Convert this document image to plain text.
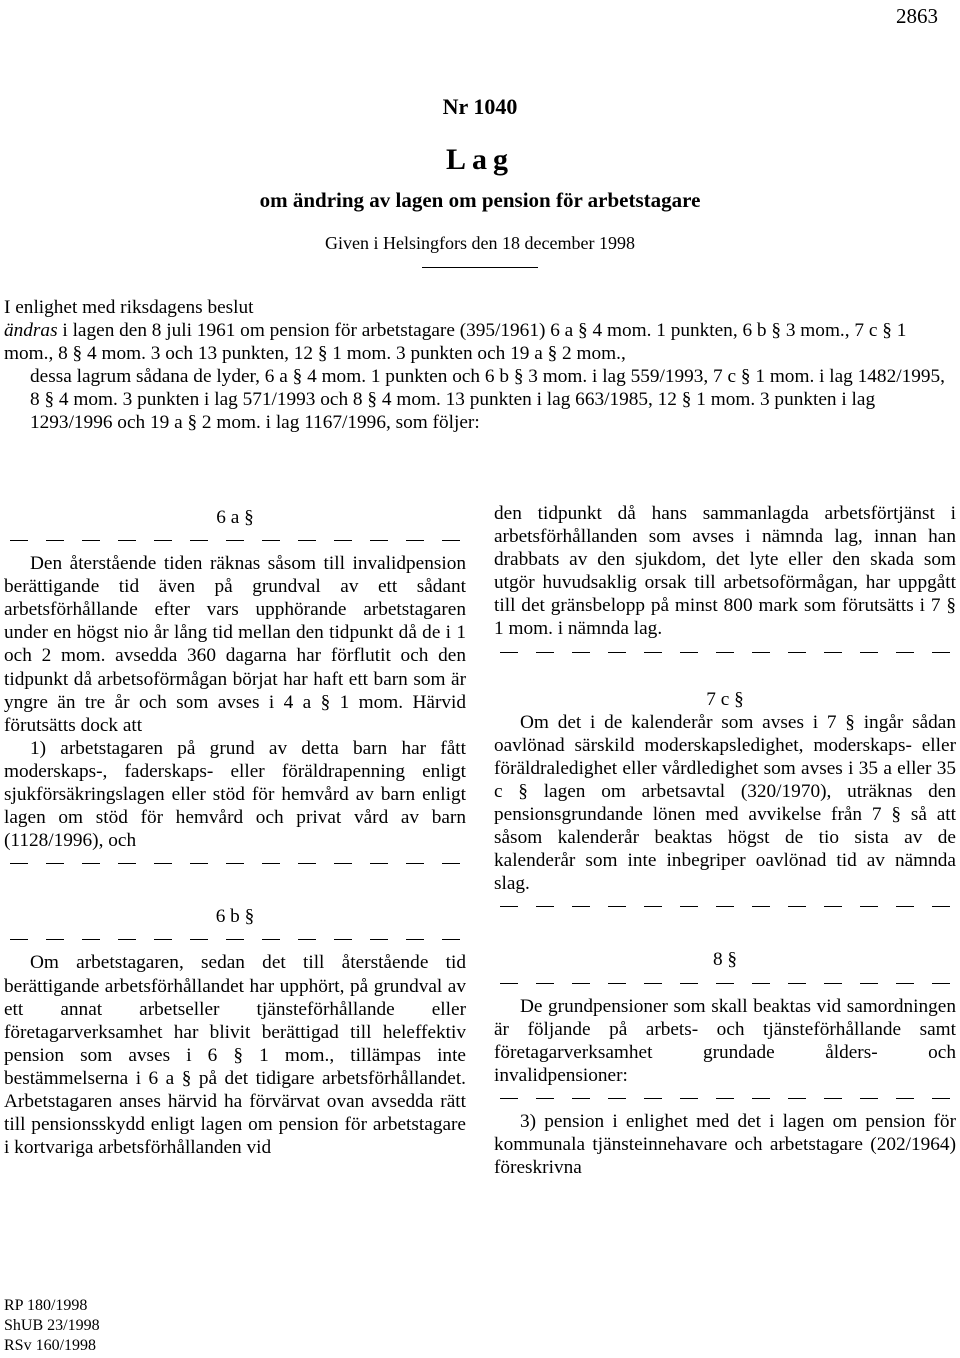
2863
Nr 1040
Lag
om ändring av lagen om pension för arbetstagare
Given i Helsingfors den 18 december 1998

I enlighet med riksdagens beslut

ändras i lagen den 8 juli 1961 om pension för arbetstagare (395/1961) 6 a § 4 mom. 1 punkten, 6 b § 3 mom., 7 c § 1 mom., 8 § 4 mom. 3 och 13 punkten, 12 § 1 mom. 3 punkten och 19 a § 2 mom.,

dessa lagrum sådana de lyder, 6 a § 4 mom. 1 punkten och 6 b § 3 mom. i lag 559/1993, 7 c § 1 mom. i lag 1482/1995, 8 § 4 mom. 3 punkten i lag 571/1993 och 8 § 4 mom. 13 punkten i lag 663/1985, 12 § 1 mom. 3 punkten i lag 1293/1996 och 19 a § 2 mom. i lag 1167/1996, som följer:

6 a §

Den återstående tiden räknas såsom till invalidpension berättigande tid även på grundval av ett sådant arbetsförhållande efter vars upphörande arbetstagaren under en högst nio år lång tid mellan den tidpunkt då de i 1 och 2 mom. avsedda 360 dagarna har förflutit och den tidpunkt då arbetsoförmågan börjat har haft ett barn som är yngre än tre år och som avses i 4 a § 1 mom. Härvid förutsätts dock att

1) arbetstagaren på grund av detta barn har fått moderskaps-, faderskaps- eller föräldrapenning enligt sjukförsäkringslagen eller stöd för hemvård av barn enligt lagen om stöd för hemvård och privat vård av barn (1128/1996), och

6 b §

Om arbetstagaren, sedan det till återstående tid berättigande arbetsförhållandet har upphört, på grundval av ett annat arbetseller tjänsteförhållande eller företagarverksamhet har blivit berättigad till heleffektiv pension som avses i 6 § 1 mom., tillämpas inte bestämmelserna i 6 a § på det tidigare arbetsförhållandet. Arbetstagaren anses härvid ha förvärvat ovan avsedda rätt till pensionsskydd enligt lagen om pension för arbetstagare i kortvariga arbetsförhållanden vid

den tidpunkt då hans sammanlagda arbetsförtjänst i arbetsförhållanden som avses i nämnda lag, innan han drabbats av den sjukdom, det lyte eller den skada som utgör huvudsaklig orsak till arbetsoförmågan, har uppgått till det gränsbelopp på minst 800 mark som förutsätts i 7 § 1 mom. i nämnda lag.

7 c §

Om det i de kalenderår som avses i 7 § ingår sådan oavlönad särskild moderskapsledighet, moderskaps- eller föräldraledighet eller vårdledighet som avses i 35 a eller 35 c § lagen om arbetsavtal (320/1970), uträknas den pensionsgrundande lönen med avvikelse från 7 § så att såsom kalenderår beaktas högst de tio sista av de kalenderår som inte inbegriper oavlönad tid av nämnda slag.

8 §

De grundpensioner som skall beaktas vid samordningen är följande på arbets- och tjänsteförhållande samt företagarverksamhet grundade ålders- och invalidpensioner:

3) pension i enlighet med det i lagen om pension för kommunala tjänsteinnehavare och arbetstagare (202/1964) föreskrivna

RP 180/1998
ShUB 23/1998
RSv 160/1998
